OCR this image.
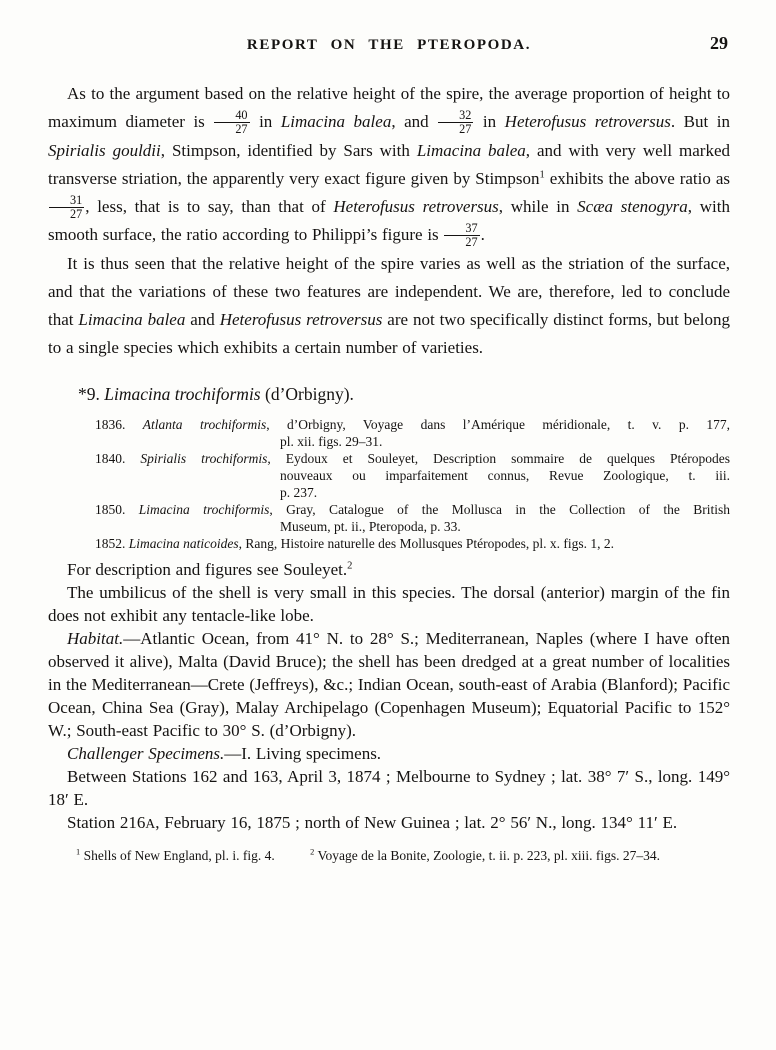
REPORT ON THE PTEROPODA.	29
As to the argument based on the relative height of the spire, the average proportion of height to maximum diameter is $\frac{40}{27}$ in Limacina balea, and $\frac{32}{27}$ in Heterofusus retroversus. But in Spirialis gouldii, Stimpson, identified by Sars with Limacina balea, and with very well marked transverse striation, the apparently very exact figure given by Stimpson$^1$ exhibits the above ratio as
$\frac{31}{27}$ , less, that is to say, than that of Heterofusus retroversus, while in Scæa stenogyra, with smooth surface, the ratio according to Philippi’s figure is $\frac{37}{27}$ .
It is thus seen that the relative height of the spire varies as well as the striation of the surface, and that the variations of these two features are independent. We are, therefore, led to conclude that Limacina balea and Heterofusus retroversus are not two specifically distinct forms, but belong to a single species which exhibits a certain number of varieties.
*9. Limacina trochiformis (d’Orbigny).
1836. Atlanta trochiformis, d’Orbigny, Voyage dans l’Amérique méridionale, t. v. p. 177,
pl. xii. figs. 29–31.
1840. Spirialis trochiformis, Eydoux et Souleyet, Description sommaire de quelques Ptéropodes
nouveaux ou imparfaitement connus, Revue Zoologique, t. iii.
p. 237.
1850. Limacina trochiformis, Gray, Catalogue of the Mollusca in the Collection of the British
Museum, pt. ii., Pteropoda, p. 33.
1852. Limacina naticoides, Rang, Histoire naturelle des Mollusques Ptéropodes, pl. x. figs. 1, 2.
For description and figures see Souleyet.$^2$
The umbilicus of the shell is very small in this species. The dorsal (anterior) margin of the fin does not exhibit any tentacle-like lobe.
Habitat.—Atlantic Ocean, from 41° N. to 28° S.; Mediterranean, Naples (where I have often observed it alive), Malta (David Bruce); the shell has been dredged at a great number of localities in the Mediterranean—Crete (Jeffreys), &c.; Indian Ocean, south-east of Arabia (Blanford); Pacific Ocean, China Sea (Gray), Malay Archipelago (Copenhagen Museum); Equatorial Pacific to 152° W.; South-east Pacific to 30° S. (d’Orbigny).
Challenger Specimens.—I. Living specimens.
Between Stations 162 and 163, April 3, 1874 ; Melbourne to Sydney ; lat. 38° 7′ S., long. 149° 18′ E.
Station 216A, February 16, 1875 ; north of New Guinea ; lat. 2° 56′ N., long. 134° 11′ E.
$^1$ Shells of New England, pl. i. fig. 4.	$^2$ Voyage de la Bonite, Zoologie, t. ii. p. 223, pl. xiii. figs. 27–34.
